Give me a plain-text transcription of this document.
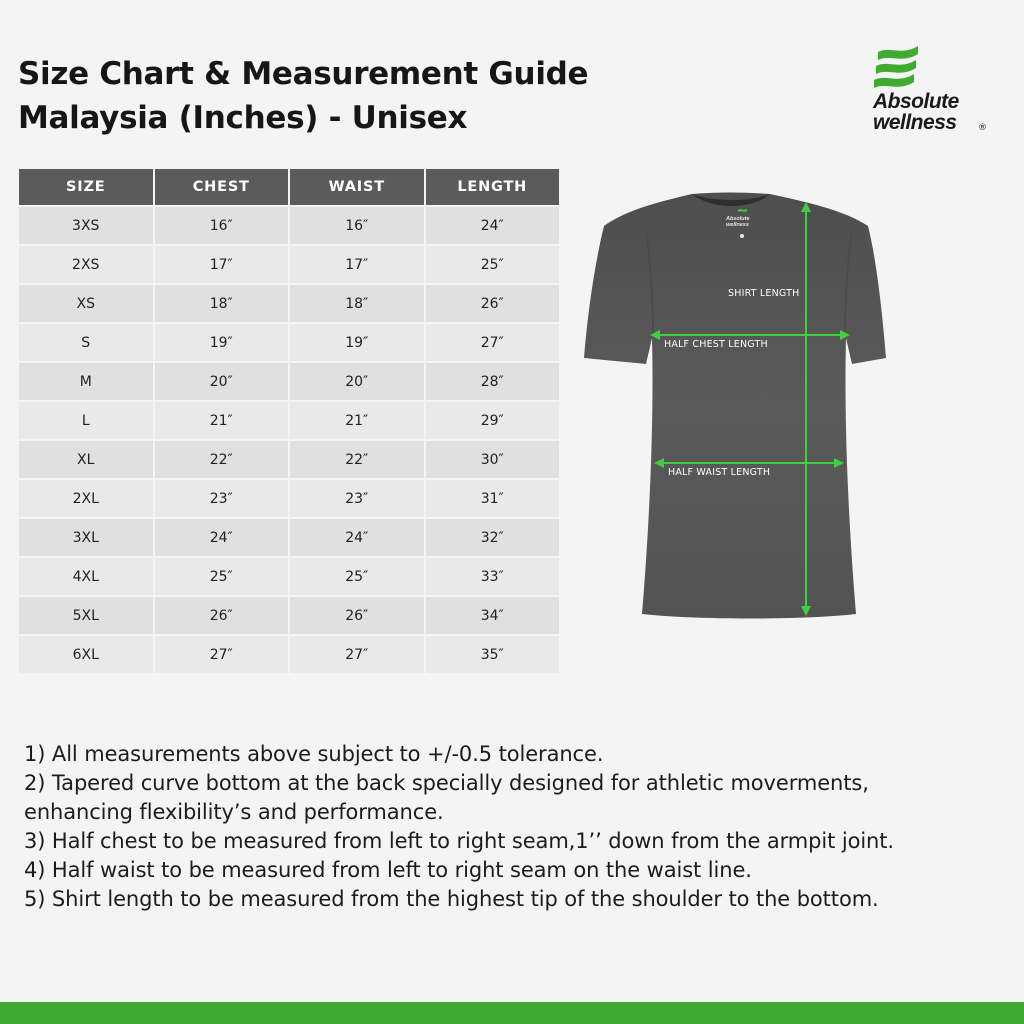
Size Chart & Measurement Guide
Malaysia (Inches) - Unisex	Absolute
wellness ®
SIZE	CHEST	WAIST	LENGTH
3XS	16″	16″	24″
2XS	17″	17″	25″
XS	18″	18″	26″
S	19″	19″	27″
M	20″	20″	28″
L	21″	21″	29″
XL	22″	22″	30″
2XL	23″	23″	31″
3XL	24″	24″	32″
4XL	25″	25″	33″
5XL	26″	26″	34″
6XL	27″	27″	35″
Absolute
wellness
SHIRT LENGTH
HALF CHEST LENGTH
HALF WAIST LENGTH
1) All measurements above subject to +/-0.5 tolerance.
2) Tapered curve bottom at the back specially designed for athletic moverments,
enhancing flexibility’s and performance.
3) Half chest to be measured from left to right seam,1’’ down from the armpit joint.
4) Half waist to be measured from left to right seam on the waist line.
5) Shirt length to be measured from the highest tip of the shoulder to the bottom.
